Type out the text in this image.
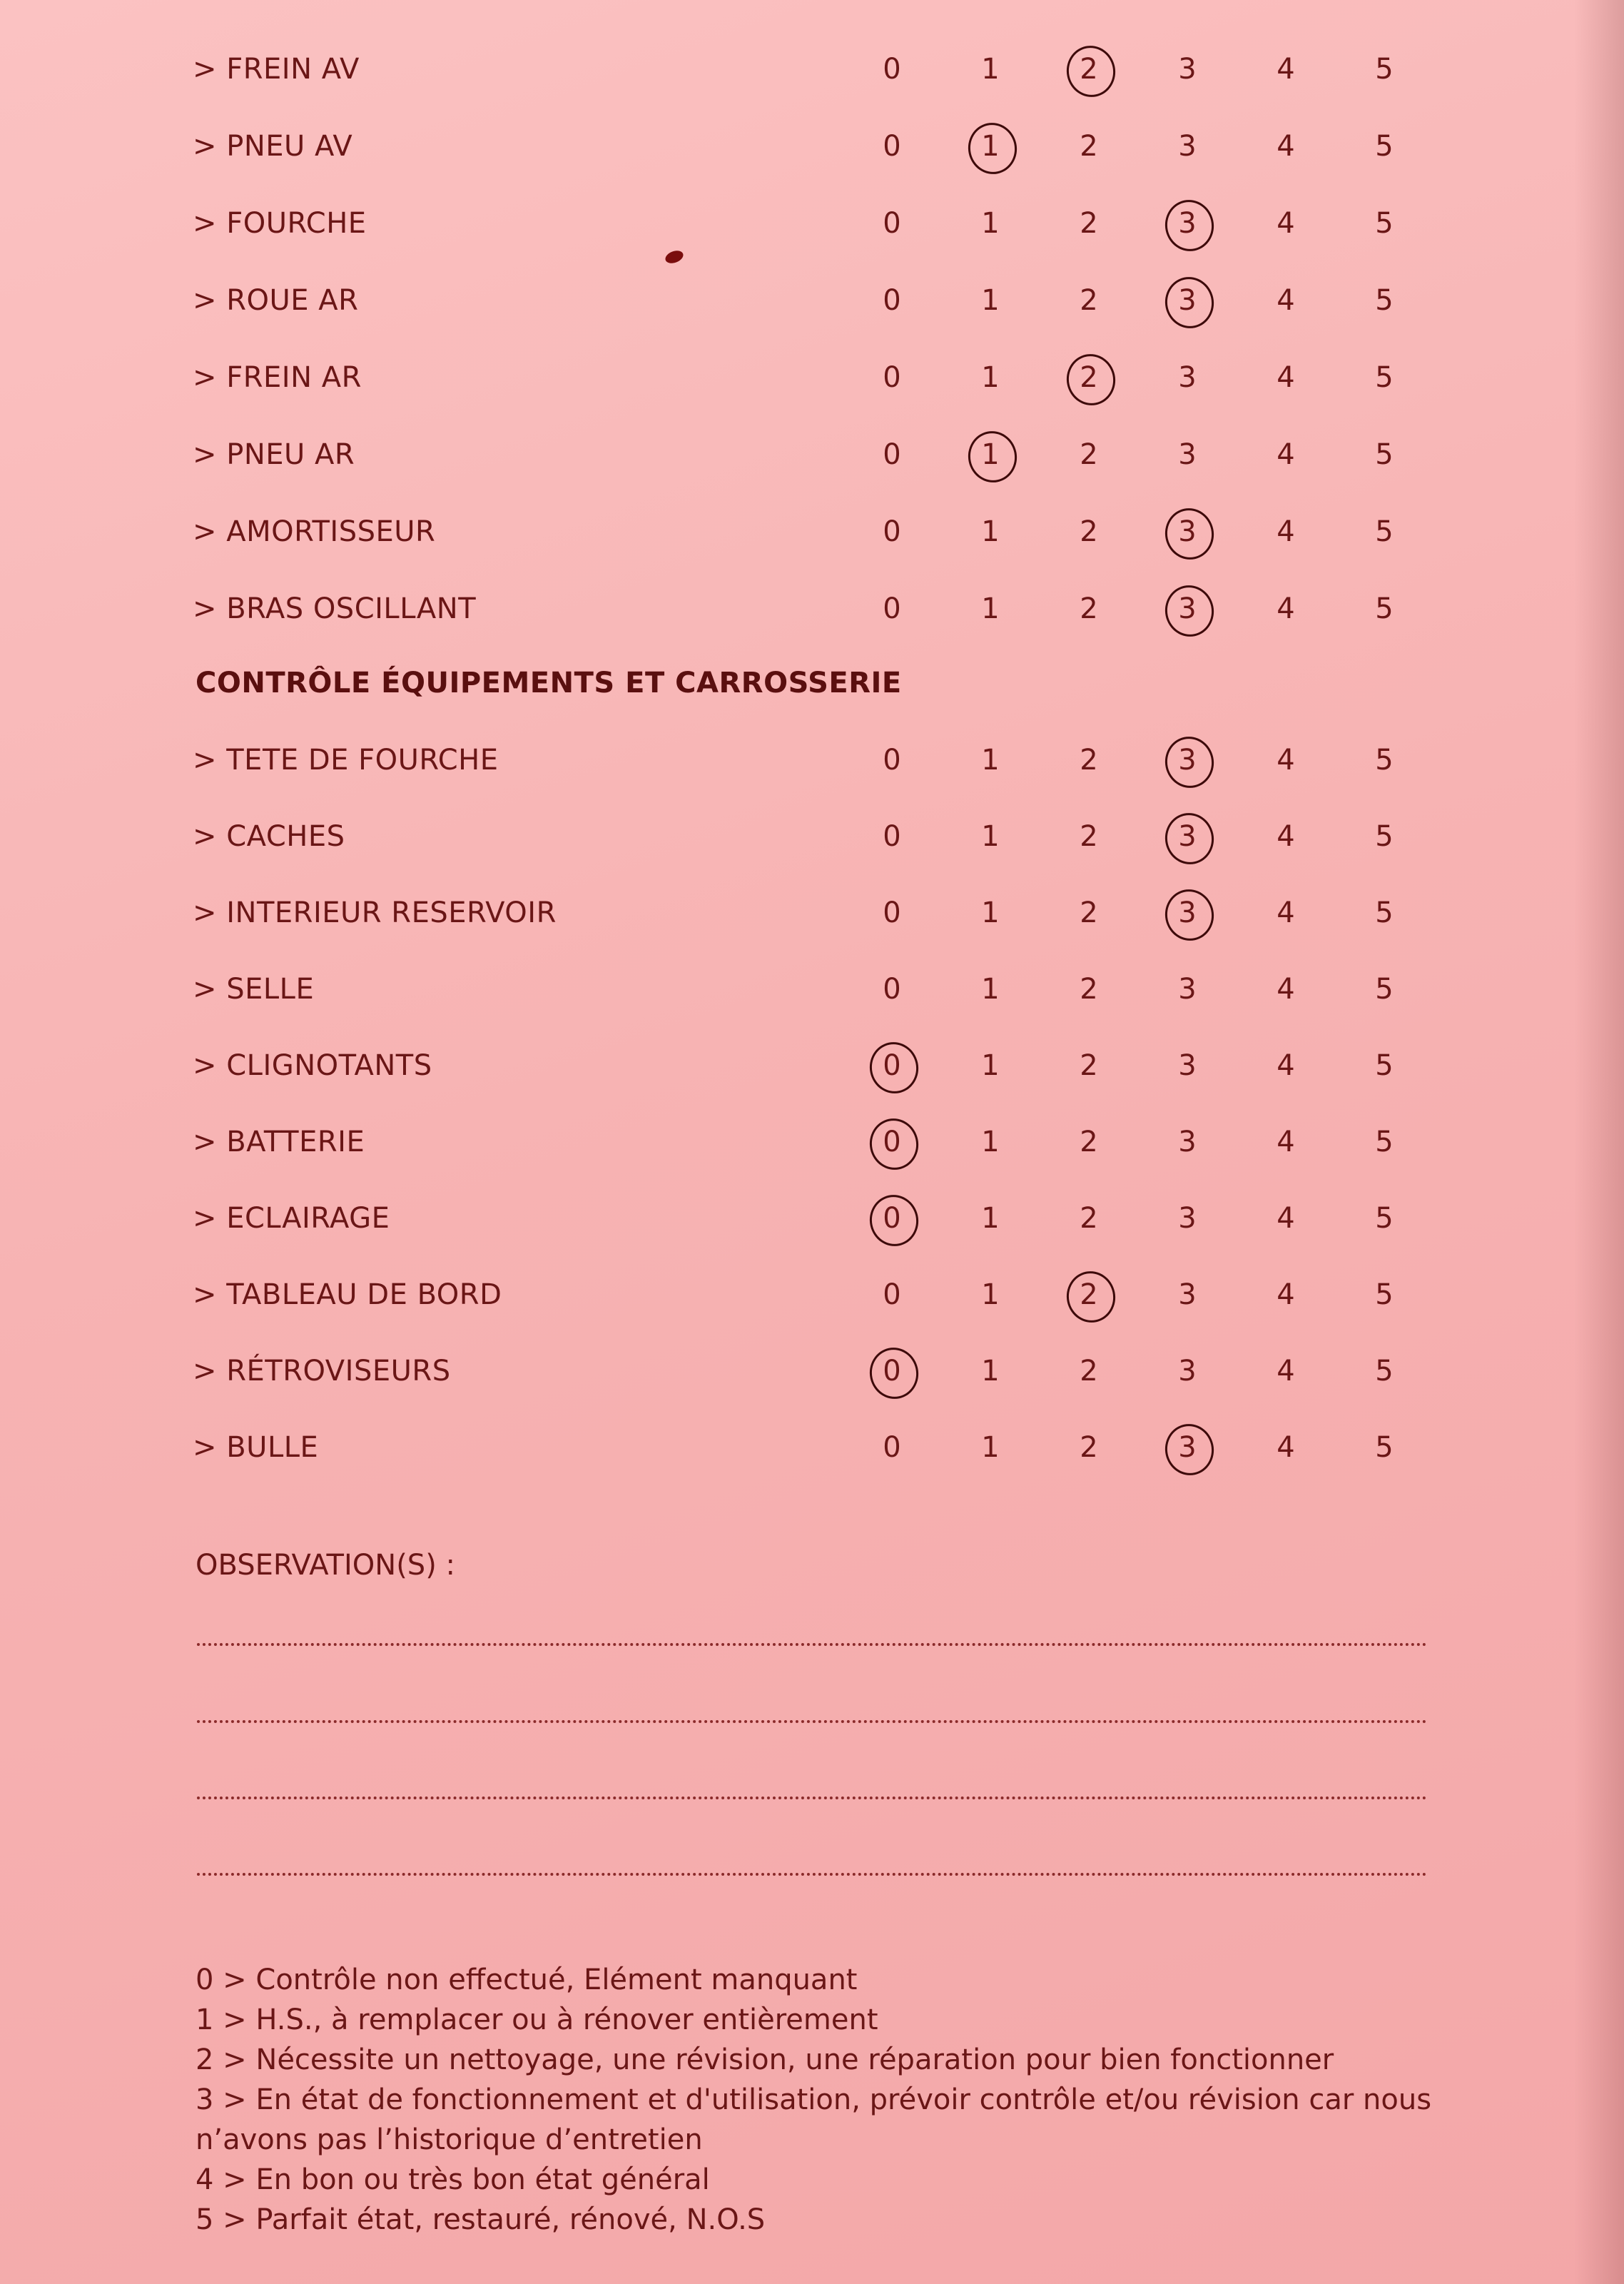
> FREIN AV	0	1	2	3	4	5
> PNEU AV	0	1	2	3	4	5
> FOURCHE	0	1	2	3	4	5
> ROUE AR	0	1	2	3	4	5
> FREIN AR	0	1	2	3	4	5
> PNEU AR	0	1	2	3	4	5
> AMORTISSEUR	0	1	2	3	4	5
> BRAS OSCILLANT	0	1	2	3	4	5
CONTRÔLE ÉQUIPEMENTS ET CARROSSERIE
> TETE DE FOURCHE	0	1	2	3	4	5
> CACHES	0	1	2	3	4	5
> INTERIEUR RESERVOIR	0	1	2	3	4	5
> SELLE	0	1	2	3	4	5
> CLIGNOTANTS	0	1	2	3	4	5
> BATTERIE	0	1	2	3	4	5
> ECLAIRAGE	0	1	2	3	4	5
> TABLEAU DE BORD	0	1	2	3	4	5
> RÉTROVISEURS	0	1	2	3	4	5
> BULLE	0	1	2	3	4	5
OBSERVATION(S) :
0 > Contrôle non effectué, Elément manquant
1 > H.S., à remplacer ou à rénover entièrement
2 > Nécessite un nettoyage, une révision, une réparation pour bien fonctionner
3 > En état de fonctionnement et d'utilisation, prévoir contrôle et/ou révision car nous
n’avons pas l’historique d’entretien
4 > En bon ou très bon état général
5 > Parfait état, restauré, rénové, N.O.S
